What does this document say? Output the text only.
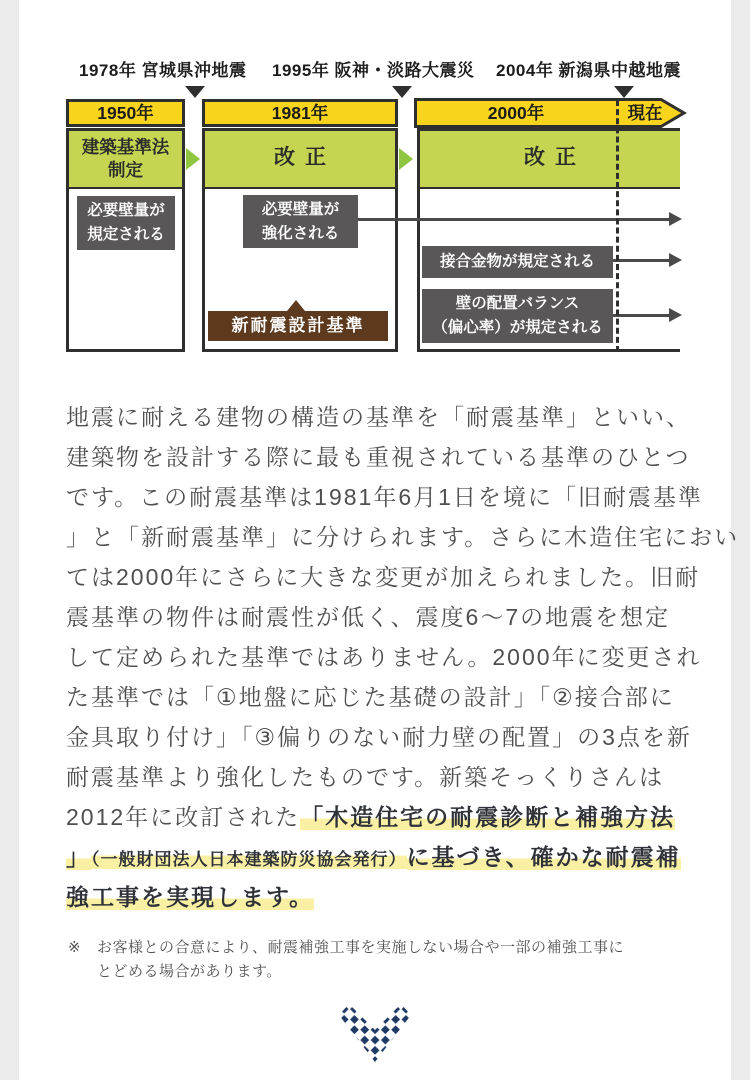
1978年 宮城県沖地震 1995年 阪神・淡路大震災 2004年 新潟県中越地震
1950年	1981年	2000年	現在
建築基準法
制定
改正	改正
必要壁量が
規定される
必要壁量が
強化される
接合金物が規定される
壁の配置バランス
（偏心率）が規定される
新耐震設計基準
地震に耐える建物の構造の基準を「耐震基準」といい、
建築物を設計する際に最も重視されている基準のひとつ
です。この耐震基準は1981年6月1日を境に「旧耐震基準
」と「新耐震基準」に分けられます。さらに木造住宅におい
ては2000年にさらに大きな変更が加えられました。旧耐
震基準の物件は耐震性が低く、震度6〜7の地震を想定
して定められた基準ではありません。2000年に変更され
た基準では「①地盤に応じた基礎の設計」「②接合部に
金具取り付け」「③偏りのない耐力壁の配置」の3点を新
耐震基準より強化したものです。新築そっくりさんは
2012年に改訂された「木造住宅の耐震診断と補強方法
」（一般財団法人日本建築防災協会発行）に基づき、確かな耐震補
強工事を実現します。
※ お客様との合意により、耐震補強工事を実施しない場合や一部の補強工事に
とどめる場合があります。
